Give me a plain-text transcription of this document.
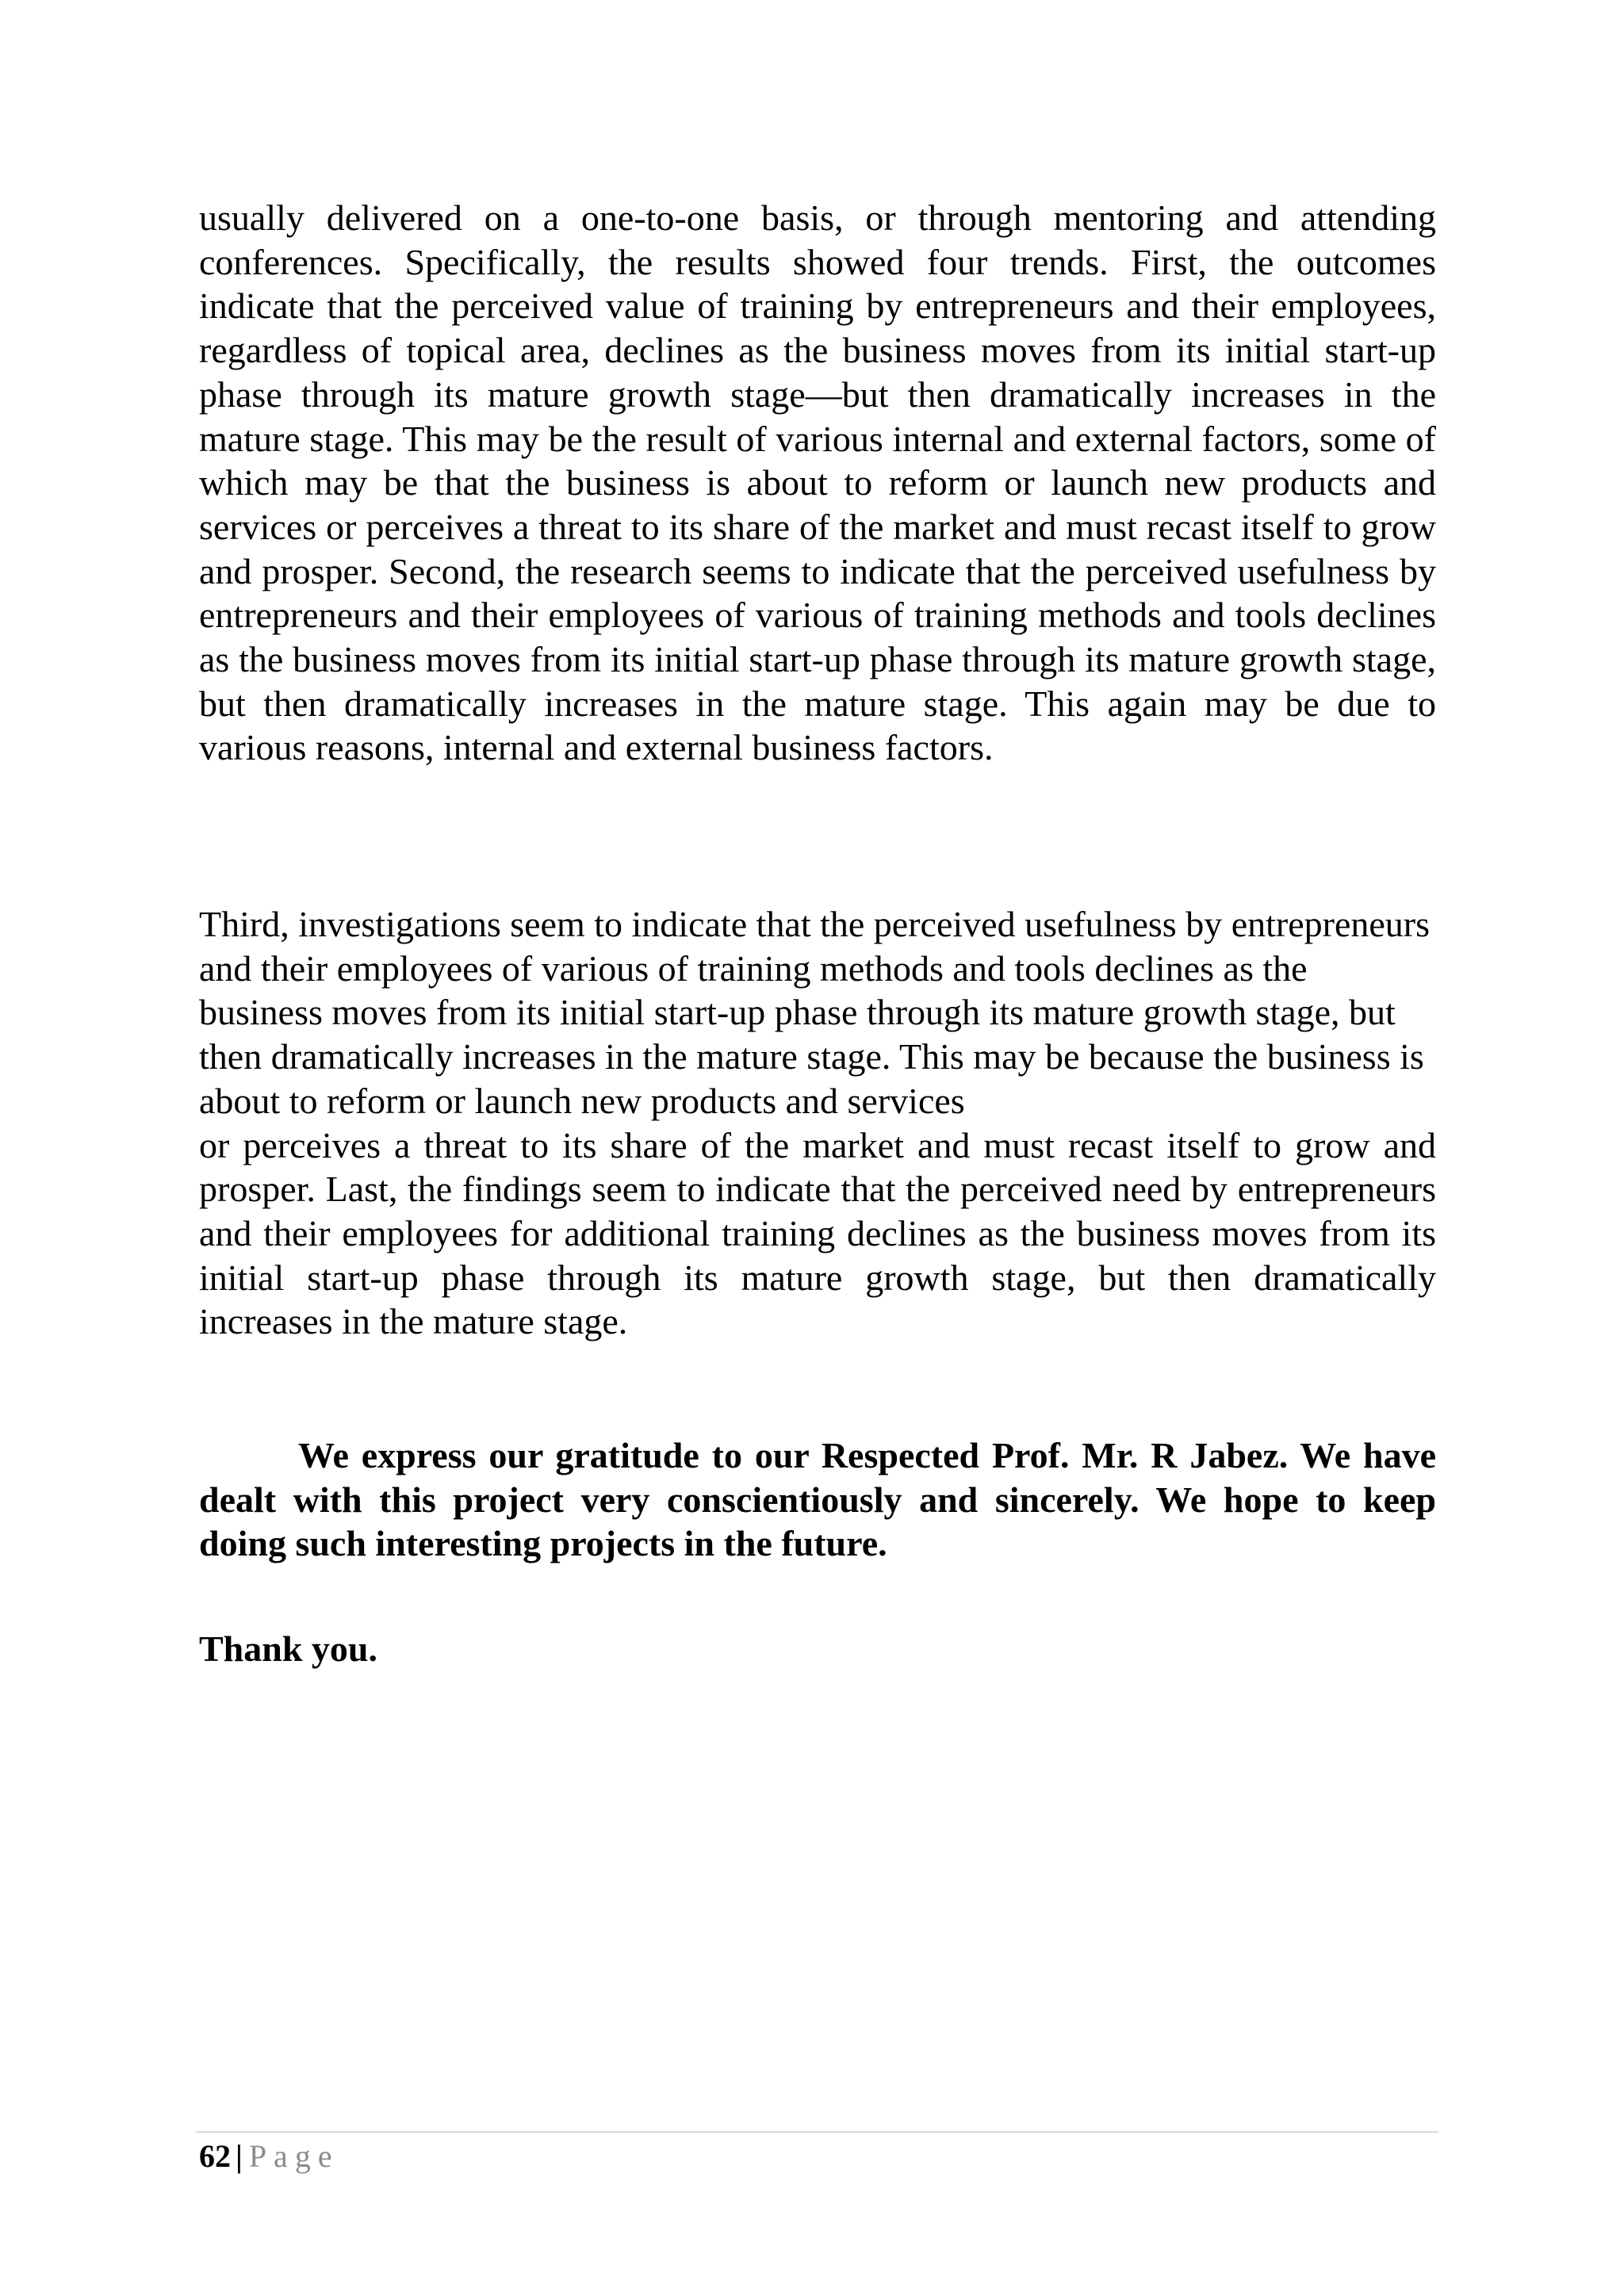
usually delivered on a one-to-one basis, or through mentoring and attending conferences. Specifically, the results showed four trends. First, the outcomes indicate that the perceived value of training by entrepreneurs and their employees, regardless of topical area, declines as the business moves from its initial start-up phase through its mature growth stage—but then dramatically increases in the mature stage. This may be the result of various internal and external factors, some of which may be that the business is about to reform or launch new products and services or perceives a threat to its share of the market and must recast itself to grow and prosper. Second, the research seems to indicate that the perceived usefulness by entrepreneurs and their employees of various of training methods and tools declines as the business moves from its initial start-up phase through its mature growth stage, but then dramatically increases in the mature stage. This again may be due to various reasons, internal and external business factors.

Third, investigations seem to indicate that the perceived usefulness by entrepreneurs and their employees of various of training methods and tools declines as the business moves from its initial start-up phase through its mature growth stage, but then dramatically increases in the mature stage. This may be because the business is about to reform or launch new products and services
or perceives a threat to its share of the market and must recast itself to grow and prosper. Last, the findings seem to indicate that the perceived need by entrepreneurs and their employees for additional training declines as the business moves from its initial start-up phase through its mature growth stage, but then dramatically increases in the mature stage.

We express our gratitude to our Respected Prof. Mr. R Jabez. We have dealt with this project very conscientiously and sincerely. We hope to keep doing such interesting projects in the future.

Thank you.

62 | Page
